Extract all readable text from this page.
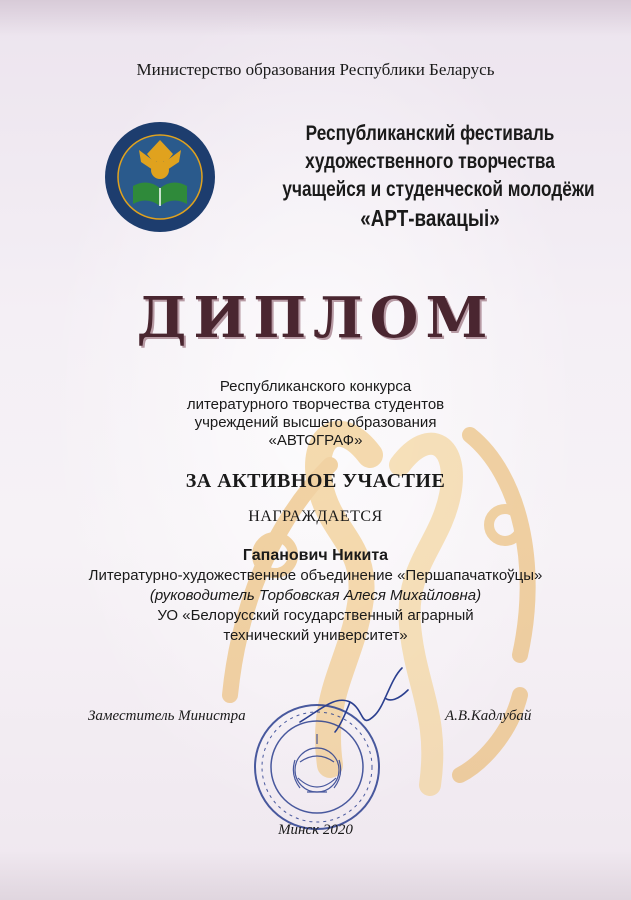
Министерство образования Республики Беларусь
Республиканский фестиваль
художественного творчества
учащейся и студенческой молодёжи
«АРТ-вакацыі»
ДИПЛОМ
Республиканского конкурса
литературного творчества студентов
учреждений высшего образования
«АВТОГРАФ»
ЗА АКТИВНОЕ УЧАСТИЕ
НАГРАЖДАЕТСЯ
Гапанович Никита
Литературно-художественное объединение «Першапачаткоўцы»
(руководитель Торбовская Алеся Михайловна)
УО «Белорусский государственный аграрный
технический университет»
Заместитель Министра	А.В.Кадлубай
Минск 2020
